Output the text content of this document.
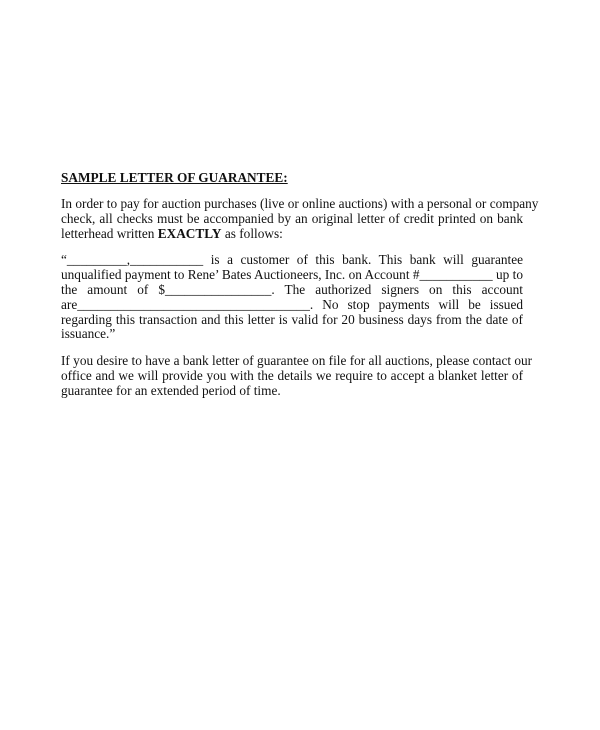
SAMPLE LETTER OF GUARANTEE:
In order to pay for auction purchases (live or online auctions) with a personal or company
check, all checks must be accompanied by an original letter of credit printed on bank
letterhead written EXACTLY as follows:
“_________,___________ is a customer of this bank. This bank will guarantee
unqualified payment to Rene’ Bates Auctioneers, Inc. on Account #___________ up to
the amount of $________________. The authorized signers on this account
are___________________________________. No stop payments will be issued
regarding this transaction and this letter is valid for 20 business days from the date of
issuance.”
If you desire to have a bank letter of guarantee on file for all auctions, please contact our
office and we will provide you with the details we require to accept a blanket letter of
guarantee for an extended period of time.
